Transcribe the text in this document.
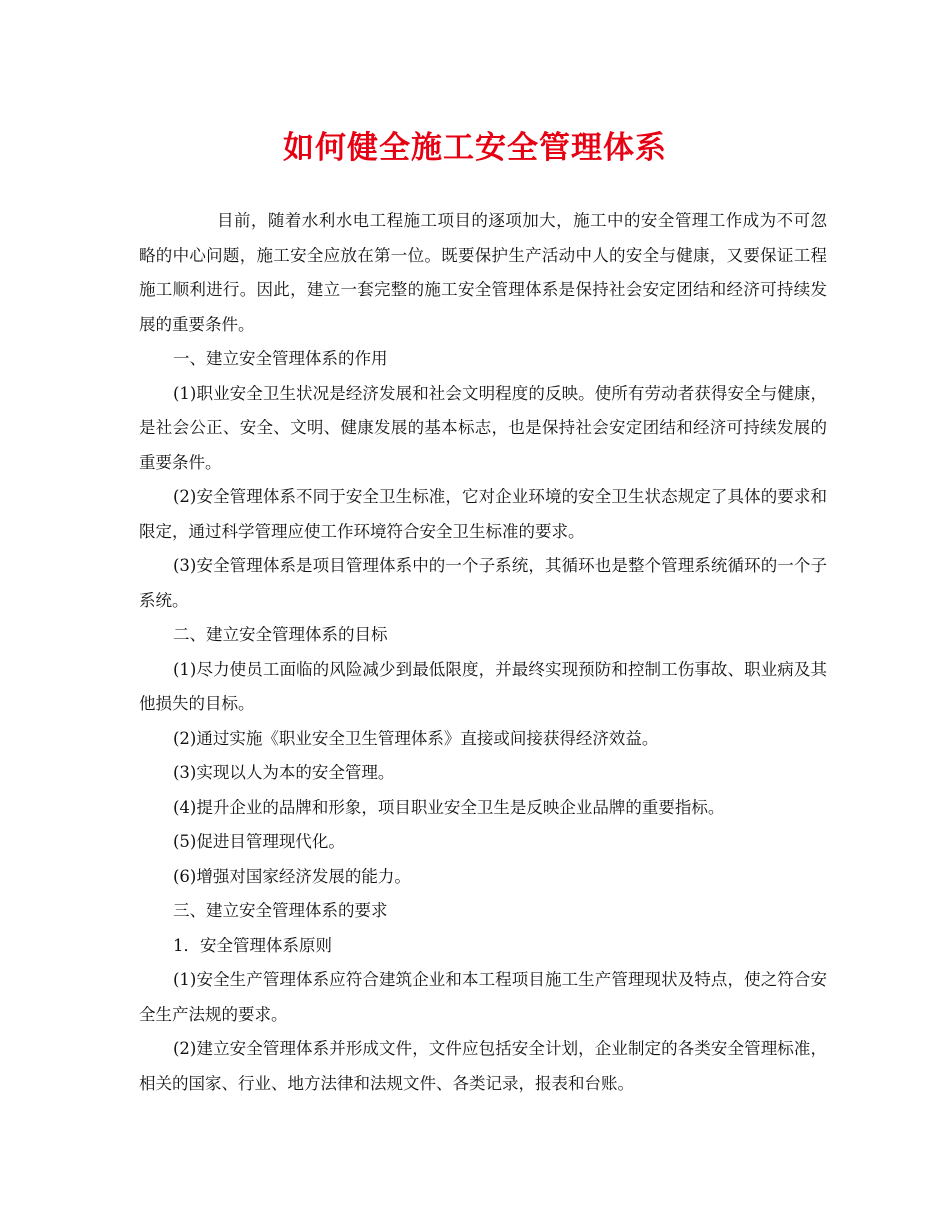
如何健全施工安全管理体系

目前，随着水利水电工程施工项目的逐项加大，施工中的安全管理工作成为不可忽略的中心问题，施工安全应放在第一位。既要保护生产活动中人的安全与健康，又要保证工程施工顺利进行。因此，建立一套完整的施工安全管理体系是保持社会安定团结和经济可持续发展的重要条件。

一、建立安全管理体系的作用

(1)职业安全卫生状况是经济发展和社会文明程度的反映。使所有劳动者获得安全与健康，是社会公正、安全、文明、健康发展的基本标志，也是保持社会安定团结和经济可持续发展的重要条件。

(2)安全管理体系不同于安全卫生标准，它对企业环境的安全卫生状态规定了具体的要求和限定，通过科学管理应使工作环境符合安全卫生标准的要求。

(3)安全管理体系是项目管理体系中的一个子系统，其循环也是整个管理系统循环的一个子系统。

二、建立安全管理体系的目标

(1)尽力使员工面临的风险减少到最低限度，并最终实现预防和控制工伤事故、职业病及其他损失的目标。

(2)通过实施《职业安全卫生管理体系》直接或间接获得经济效益。

(3)实现以人为本的安全管理。

(4)提升企业的品牌和形象，项目职业安全卫生是反映企业品牌的重要指标。

(5)促进目管理现代化。

(6)增强对国家经济发展的能力。

三、建立安全管理体系的要求

1．安全管理体系原则

(1)安全生产管理体系应符合建筑企业和本工程项目施工生产管理现状及特点，使之符合安全生产法规的要求。

(2)建立安全管理体系并形成文件，文件应包括安全计划，企业制定的各类安全管理标准，相关的国家、行业、地方法律和法规文件、各类记录，报表和台账。
